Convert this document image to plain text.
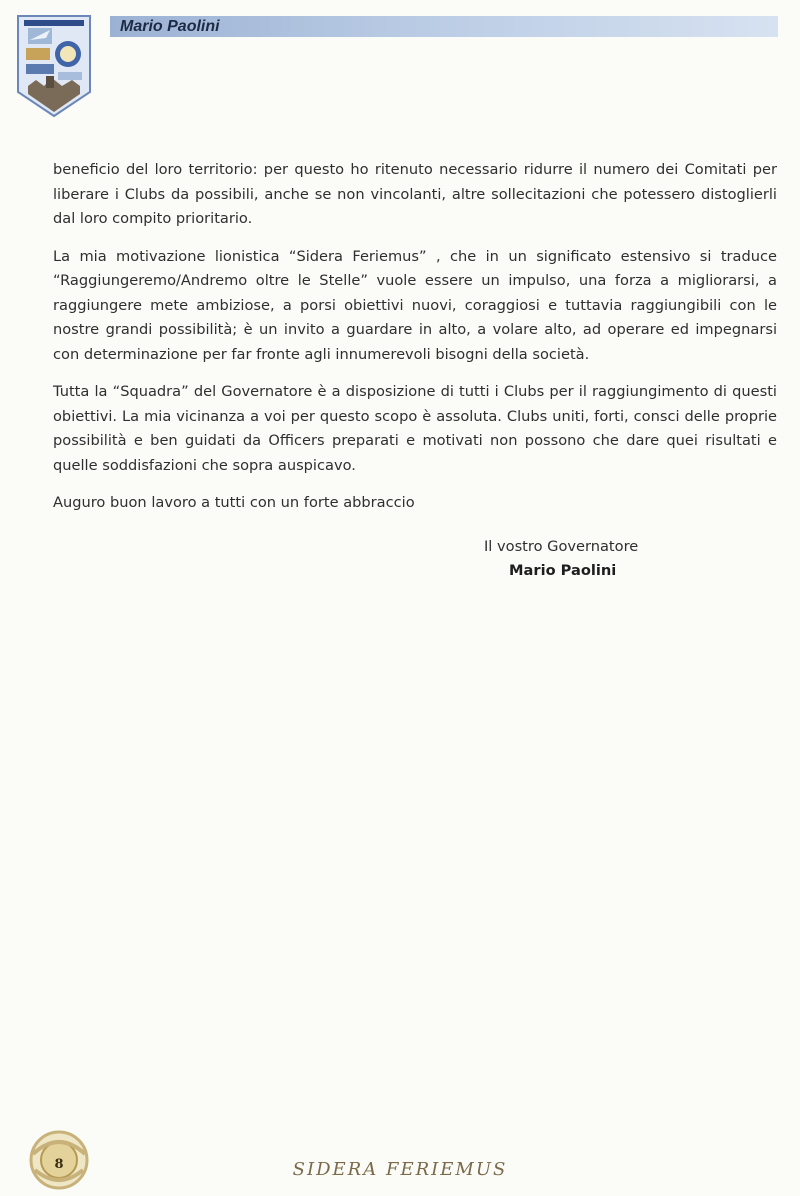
Mario Paolini

beneficio del loro territorio: per questo ho ritenuto necessario ridurre il numero dei Comitati per liberare i Clubs da possibili, anche se non vincolanti, altre sollecitazioni che potessero distoglierli dal loro compito prioritario.

La mia motivazione lionistica “Sidera Feriemus” , che in un significato estensivo si traduce “Raggiungeremo/Andremo oltre le Stelle” vuole essere un impulso, una forza a migliorarsi, a raggiungere mete ambiziose, a porsi obiettivi nuovi, coraggiosi e tuttavia raggiungibili con le nostre grandi possibilità; è un invito a guardare in alto, a volare alto, ad operare ed impegnarsi con determinazione per far fronte agli innumerevoli bisogni della società.

Tutta la “Squadra” del Governatore è a disposizione di tutti i Clubs per il raggiungimento di questi obiettivi. La mia vicinanza a voi per questo scopo è assoluta. Clubs uniti, forti, consci delle proprie possibilità e ben guidati da Officers preparati e motivati non possono che dare quei risultati e quelle soddisfazioni che sopra auspicavo.

Auguro buon lavoro a tutti con un forte abbraccio

Il vostro Governatore
Mario Paolini
8	SIDERA FERIEMUS
